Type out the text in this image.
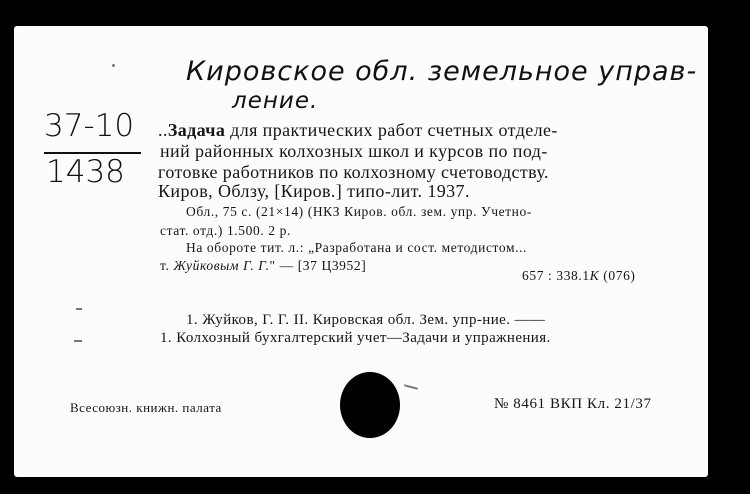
Кировское обл. земельное управ-
ление.
37-10
1438
..Задача для практических работ счетных отделе-
ний районных колхозных школ и курсов по под-
готовке работников по колхозному счетоводству.
Киров, Облзу, [Киров.] типо-лит. 1937.
Обл., 75 с. (21×14) (НКЗ Киров. обл. зем. упр. Учетно-
стат. отд.) 1.500. 2 р.
На обороте тит. л.: „Разработана и сост. методистом...
т. Жуйковым Г. Г." — [37 Ц3952]
657 : 338.1К (076)
1. Жуйков, Г. Г. II. Кировская обл. Зем. упр-ние. ——
1. Колхозный бухгалтерский учет—Задачи и упражнения.
Всесоюзн. книжн. палата	№ 8461 ВКП Кл. 21/37
